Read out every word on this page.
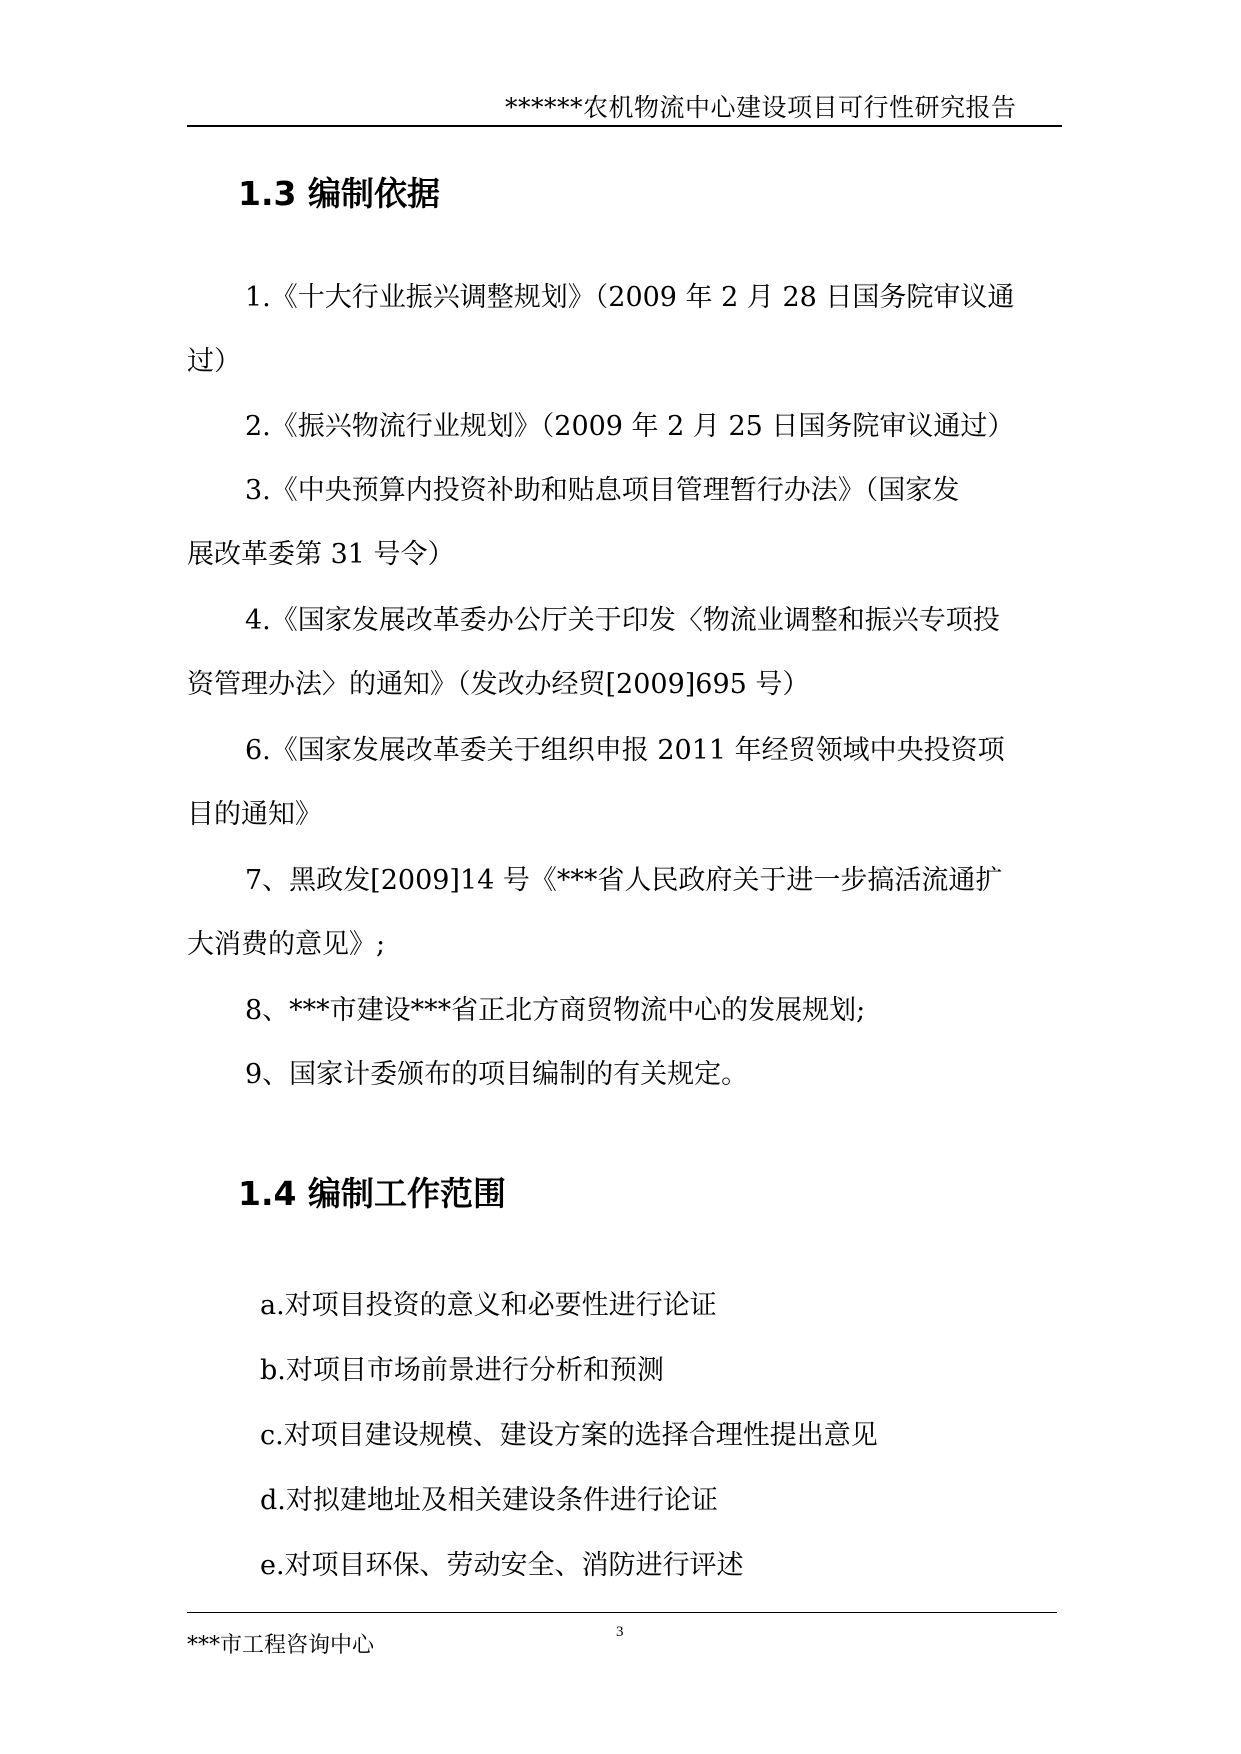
******农机物流中心建设项目可行性研究报告
1.3 编制依据
1.《十大行业振兴调整规划》（2009 年 2 月 28 日国务院审议通
过）
2.《振兴物流行业规划》（2009 年 2 月 25 日国务院审议通过）
3.《中央预算内投资补助和贴息项目管理暂行办法》（国家发
展改革委第 31 号令）
4.《国家发展改革委办公厅关于印发〈物流业调整和振兴专项投
资管理办法〉的通知》（发改办经贸[2009]695 号）
6.《国家发展改革委关于组织申报 2011 年经贸领域中央投资项
目的通知》
7、黑政发[2009]14 号《***省人民政府关于进一步搞活流通扩
大消费的意见》;
8、***市建设***省正北方商贸物流中心的发展规划;
9、国家计委颁布的项目编制的有关规定。
1.4 编制工作范围
a.对项目投资的意义和必要性进行论证
b.对项目市场前景进行分析和预测
c.对项目建设规模、建设方案的选择合理性提出意见
d.对拟建地址及相关建设条件进行论证
e.对项目环保、劳动安全、消防进行评述
***市工程咨询中心
3
